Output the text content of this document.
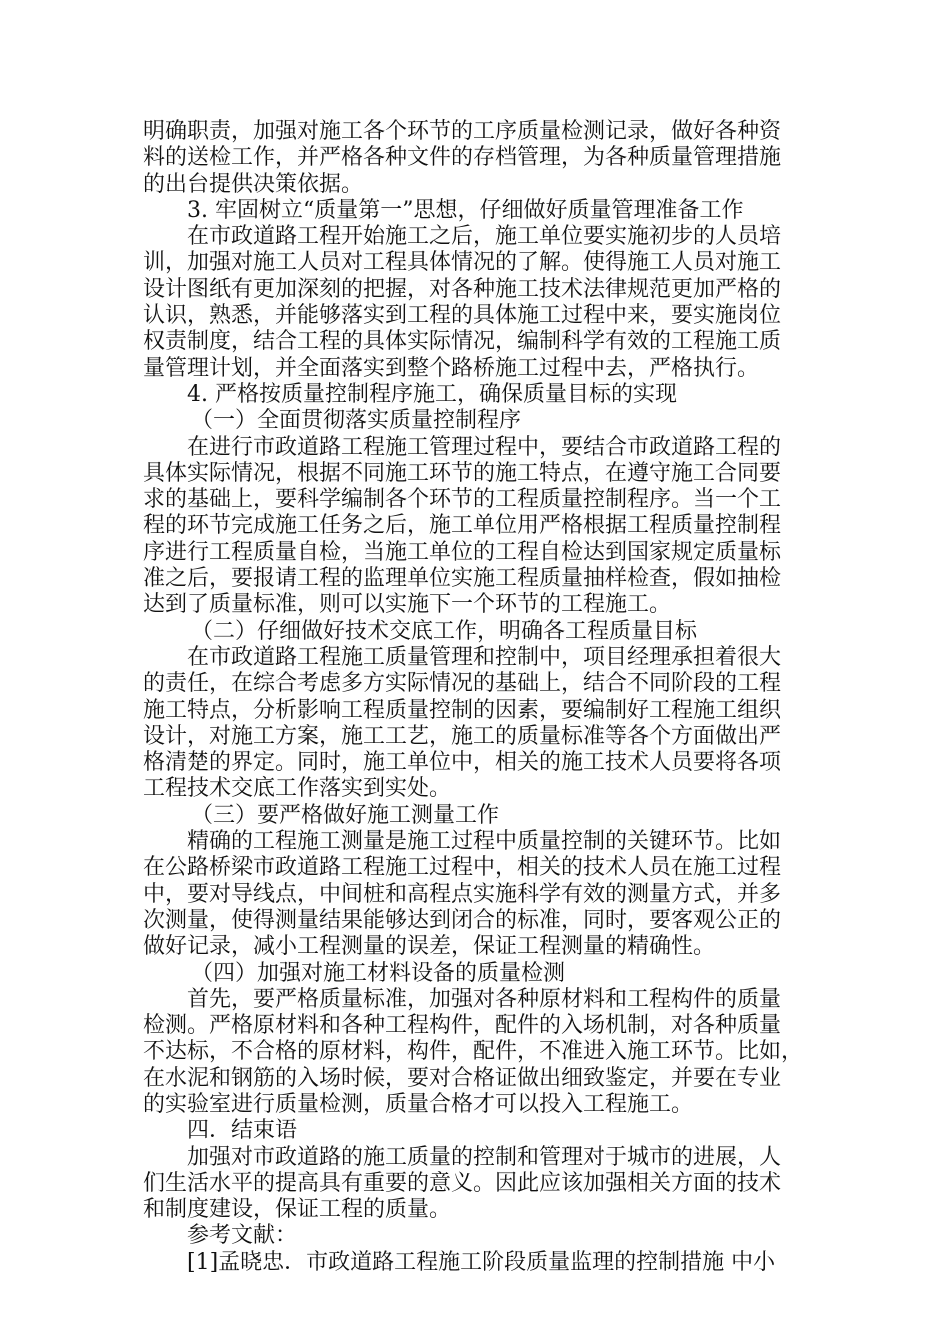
明确职责，加强对施工各个环节的工序质量检测记录，做好各种资
料的送检工作，并严格各种文件的存档管理，为各种质量管理措施
的出台提供决策依据。
3. 牢固树立“质量第一”思想，仔细做好质量管理准备工作
在市政道路工程开始施工之后，施工单位要实施初步的人员培
训，加强对施工人员对工程具体情况的了解。使得施工人员对施工
设计图纸有更加深刻的把握，对各种施工技术法律规范更加严格的
认识，熟悉，并能够落实到工程的具体施工过程中来，要实施岗位
权责制度，结合工程的具体实际情况，编制科学有效的工程施工质
量管理计划，并全面落实到整个路桥施工过程中去，严格执行。
4. 严格按质量控制程序施工，确保质量目标的实现
（一）全面贯彻落实质量控制程序
在进行市政道路工程施工管理过程中，要结合市政道路工程的
具体实际情况，根据不同施工环节的施工特点，在遵守施工合同要
求的基础上，要科学编制各个环节的工程质量控制程序。当一个工
程的环节完成施工任务之后，施工单位用严格根据工程质量控制程
序进行工程质量自检，当施工单位的工程自检达到国家规定质量标
准之后，要报请工程的监理单位实施工程质量抽样检查，假如抽检
达到了质量标准，则可以实施下一个环节的工程施工。
（二）仔细做好技术交底工作，明确各工程质量目标
在市政道路工程施工质量管理和控制中，项目经理承担着很大
的责任，在综合考虑多方实际情况的基础上，结合不同阶段的工程
施工特点，分析影响工程质量控制的因素，要编制好工程施工组织
设计，对施工方案，施工工艺，施工的质量标准等各个方面做出严
格清楚的界定。同时，施工单位中，相关的施工技术人员要将各项
工程技术交底工作落实到实处。
（三）要严格做好施工测量工作
精确的工程施工测量是施工过程中质量控制的关键环节。比如
在公路桥梁市政道路工程施工过程中，相关的技术人员在施工过程
中，要对导线点，中间桩和高程点实施科学有效的测量方式，并多
次测量，使得测量结果能够达到闭合的标准，同时，要客观公正的
做好记录，减小工程测量的误差，保证工程测量的精确性。
（四）加强对施工材料设备的质量检测
首先，要严格质量标准，加强对各种原材料和工程构件的质量
检测。严格原材料和各种工程构件，配件的入场机制，对各种质量
不达标，不合格的原材料，构件，配件，不准进入施工环节。比如，
在水泥和钢筋的入场时候，要对合格证做出细致鉴定，并要在专业
的实验室进行质量检测，质量合格才可以投入工程施工。
四．结束语
加强对市政道路的施工质量的控制和管理对于城市的进展，人
们生活水平的提高具有重要的意义。因此应该加强相关方面的技术
和制度建设，保证工程的质量。
参考文献：
[1]孟晓忠．市政道路工程施工阶段质量监理的控制措施 中小
